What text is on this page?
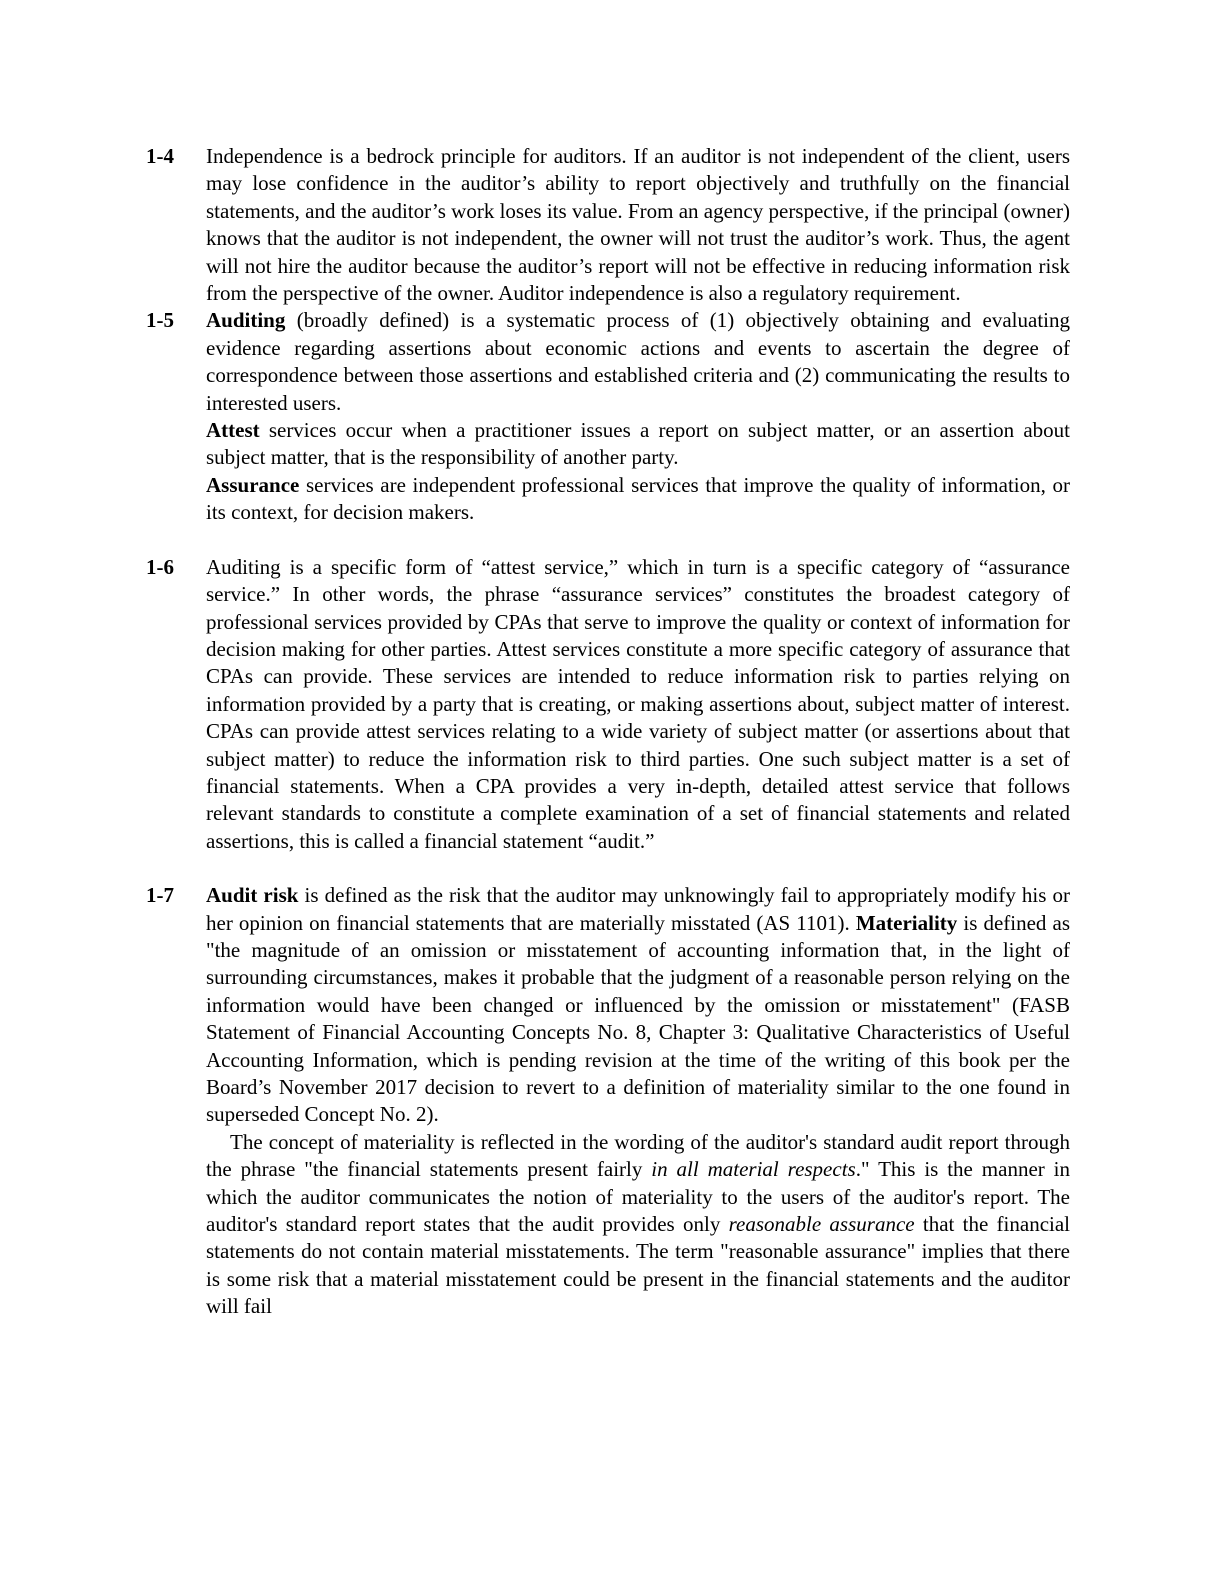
1-4 Independence is a bedrock principle for auditors. If an auditor is not independent of the client, users may lose confidence in the auditor’s ability to report objectively and truthfully on the financial statements, and the auditor’s work loses its value. From an agency perspective, if the principal (owner) knows that the auditor is not independent, the owner will not trust the auditor’s work. Thus, the agent will not hire the auditor because the auditor’s report will not be effective in reducing information risk from the perspective of the owner. Auditor independence is also a regulatory requirement.

1-5 Auditing (broadly defined) is a systematic process of (1) objectively obtaining and evaluating evidence regarding assertions about economic actions and events to ascertain the degree of correspondence between those assertions and established criteria and (2) communicating the results to interested users.

Attest services occur when a practitioner issues a report on subject matter, or an assertion about subject matter, that is the responsibility of another party.

Assurance services are independent professional services that improve the quality of information, or its context, for decision makers.

1-6 Auditing is a specific form of “attest service,” which in turn is a specific category of “assurance service.” In other words, the phrase “assurance services” constitutes the broadest category of professional services provided by CPAs that serve to improve the quality or context of information for decision making for other parties. Attest services constitute a more specific category of assurance that CPAs can provide. These services are intended to reduce information risk to parties relying on information provided by a party that is creating, or making assertions about, subject matter of interest. CPAs can provide attest services relating to a wide variety of subject matter (or assertions about that subject matter) to reduce the information risk to third parties. One such subject matter is a set of financial statements. When a CPA provides a very in-depth, detailed attest service that follows relevant standards to constitute a complete examination of a set of financial statements and related assertions, this is called a financial statement “audit.”

1-7 Audit risk is defined as the risk that the auditor may unknowingly fail to appropriately modify his or her opinion on financial statements that are materially misstated (AS 1101). Materiality is defined as "the magnitude of an omission or misstatement of accounting information that, in the light of surrounding circumstances, makes it probable that the judgment of a reasonable person relying on the information would have been changed or influenced by the omission or misstatement" (FASB Statement of Financial Accounting Concepts No. 8, Chapter 3: Qualitative Characteristics of Useful Accounting Information, which is pending revision at the time of the writing of this book per the Board’s November 2017 decision to revert to a definition of materiality similar to the one found in superseded Concept No. 2).

The concept of materiality is reflected in the wording of the auditor's standard audit report through the phrase "the financial statements present fairly in all material respects." This is the manner in which the auditor communicates the notion of materiality to the users of the auditor's report. The auditor's standard report states that the audit provides only reasonable assurance that the financial statements do not contain material misstatements. The term "reasonable assurance" implies that there is some risk that a material misstatement could be present in the financial statements and the auditor will fail
